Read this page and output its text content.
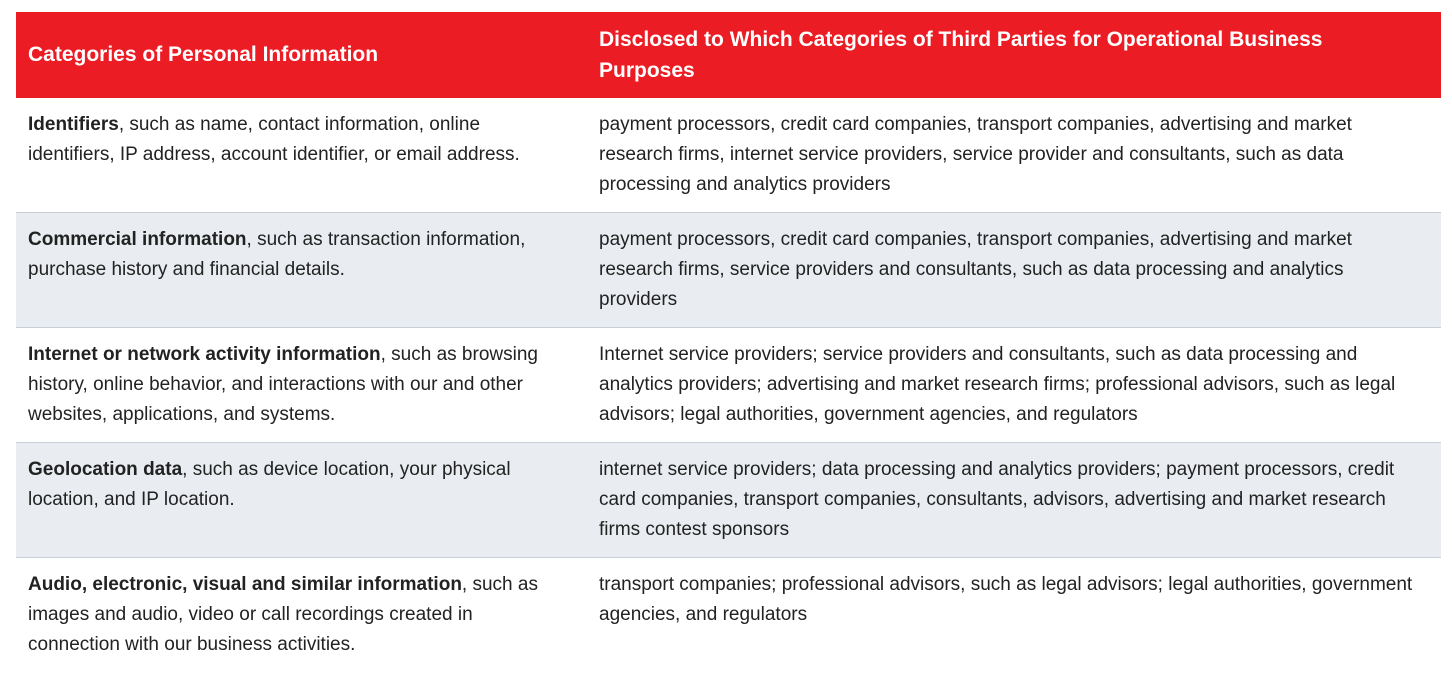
Categories of Personal Information
Disclosed to Which Categories of Third Parties for Operational Business Purposes
Identifiers, such as name, contact information, online identifiers, IP address, account identifier, or email address.
payment processors, credit card companies, transport companies, advertising and market research firms, internet service providers, service provider and consultants, such as data processing and analytics providers
Commercial information, such as transaction information, purchase history and financial details.
payment processors, credit card companies, transport companies, advertising and market research firms, service providers and consultants, such as data processing and analytics providers
Internet or network activity information, such as browsing history, online behavior, and interactions with our and other websites, applications, and systems.
Internet service providers; service providers and consultants, such as data processing and analytics providers; advertising and market research firms; professional advisors, such as legal advisors; legal authorities, government agencies, and regulators
Geolocation data, such as device location, your physical location, and IP location.
internet service providers; data processing and analytics providers; payment processors, credit card companies, transport companies, consultants, advisors, advertising and market research firms contest sponsors
Audio, electronic, visual and similar information, such as images and audio, video or call recordings created in connection with our business activities.
transport companies; professional advisors, such as legal advisors; legal authorities, government agencies, and regulators
